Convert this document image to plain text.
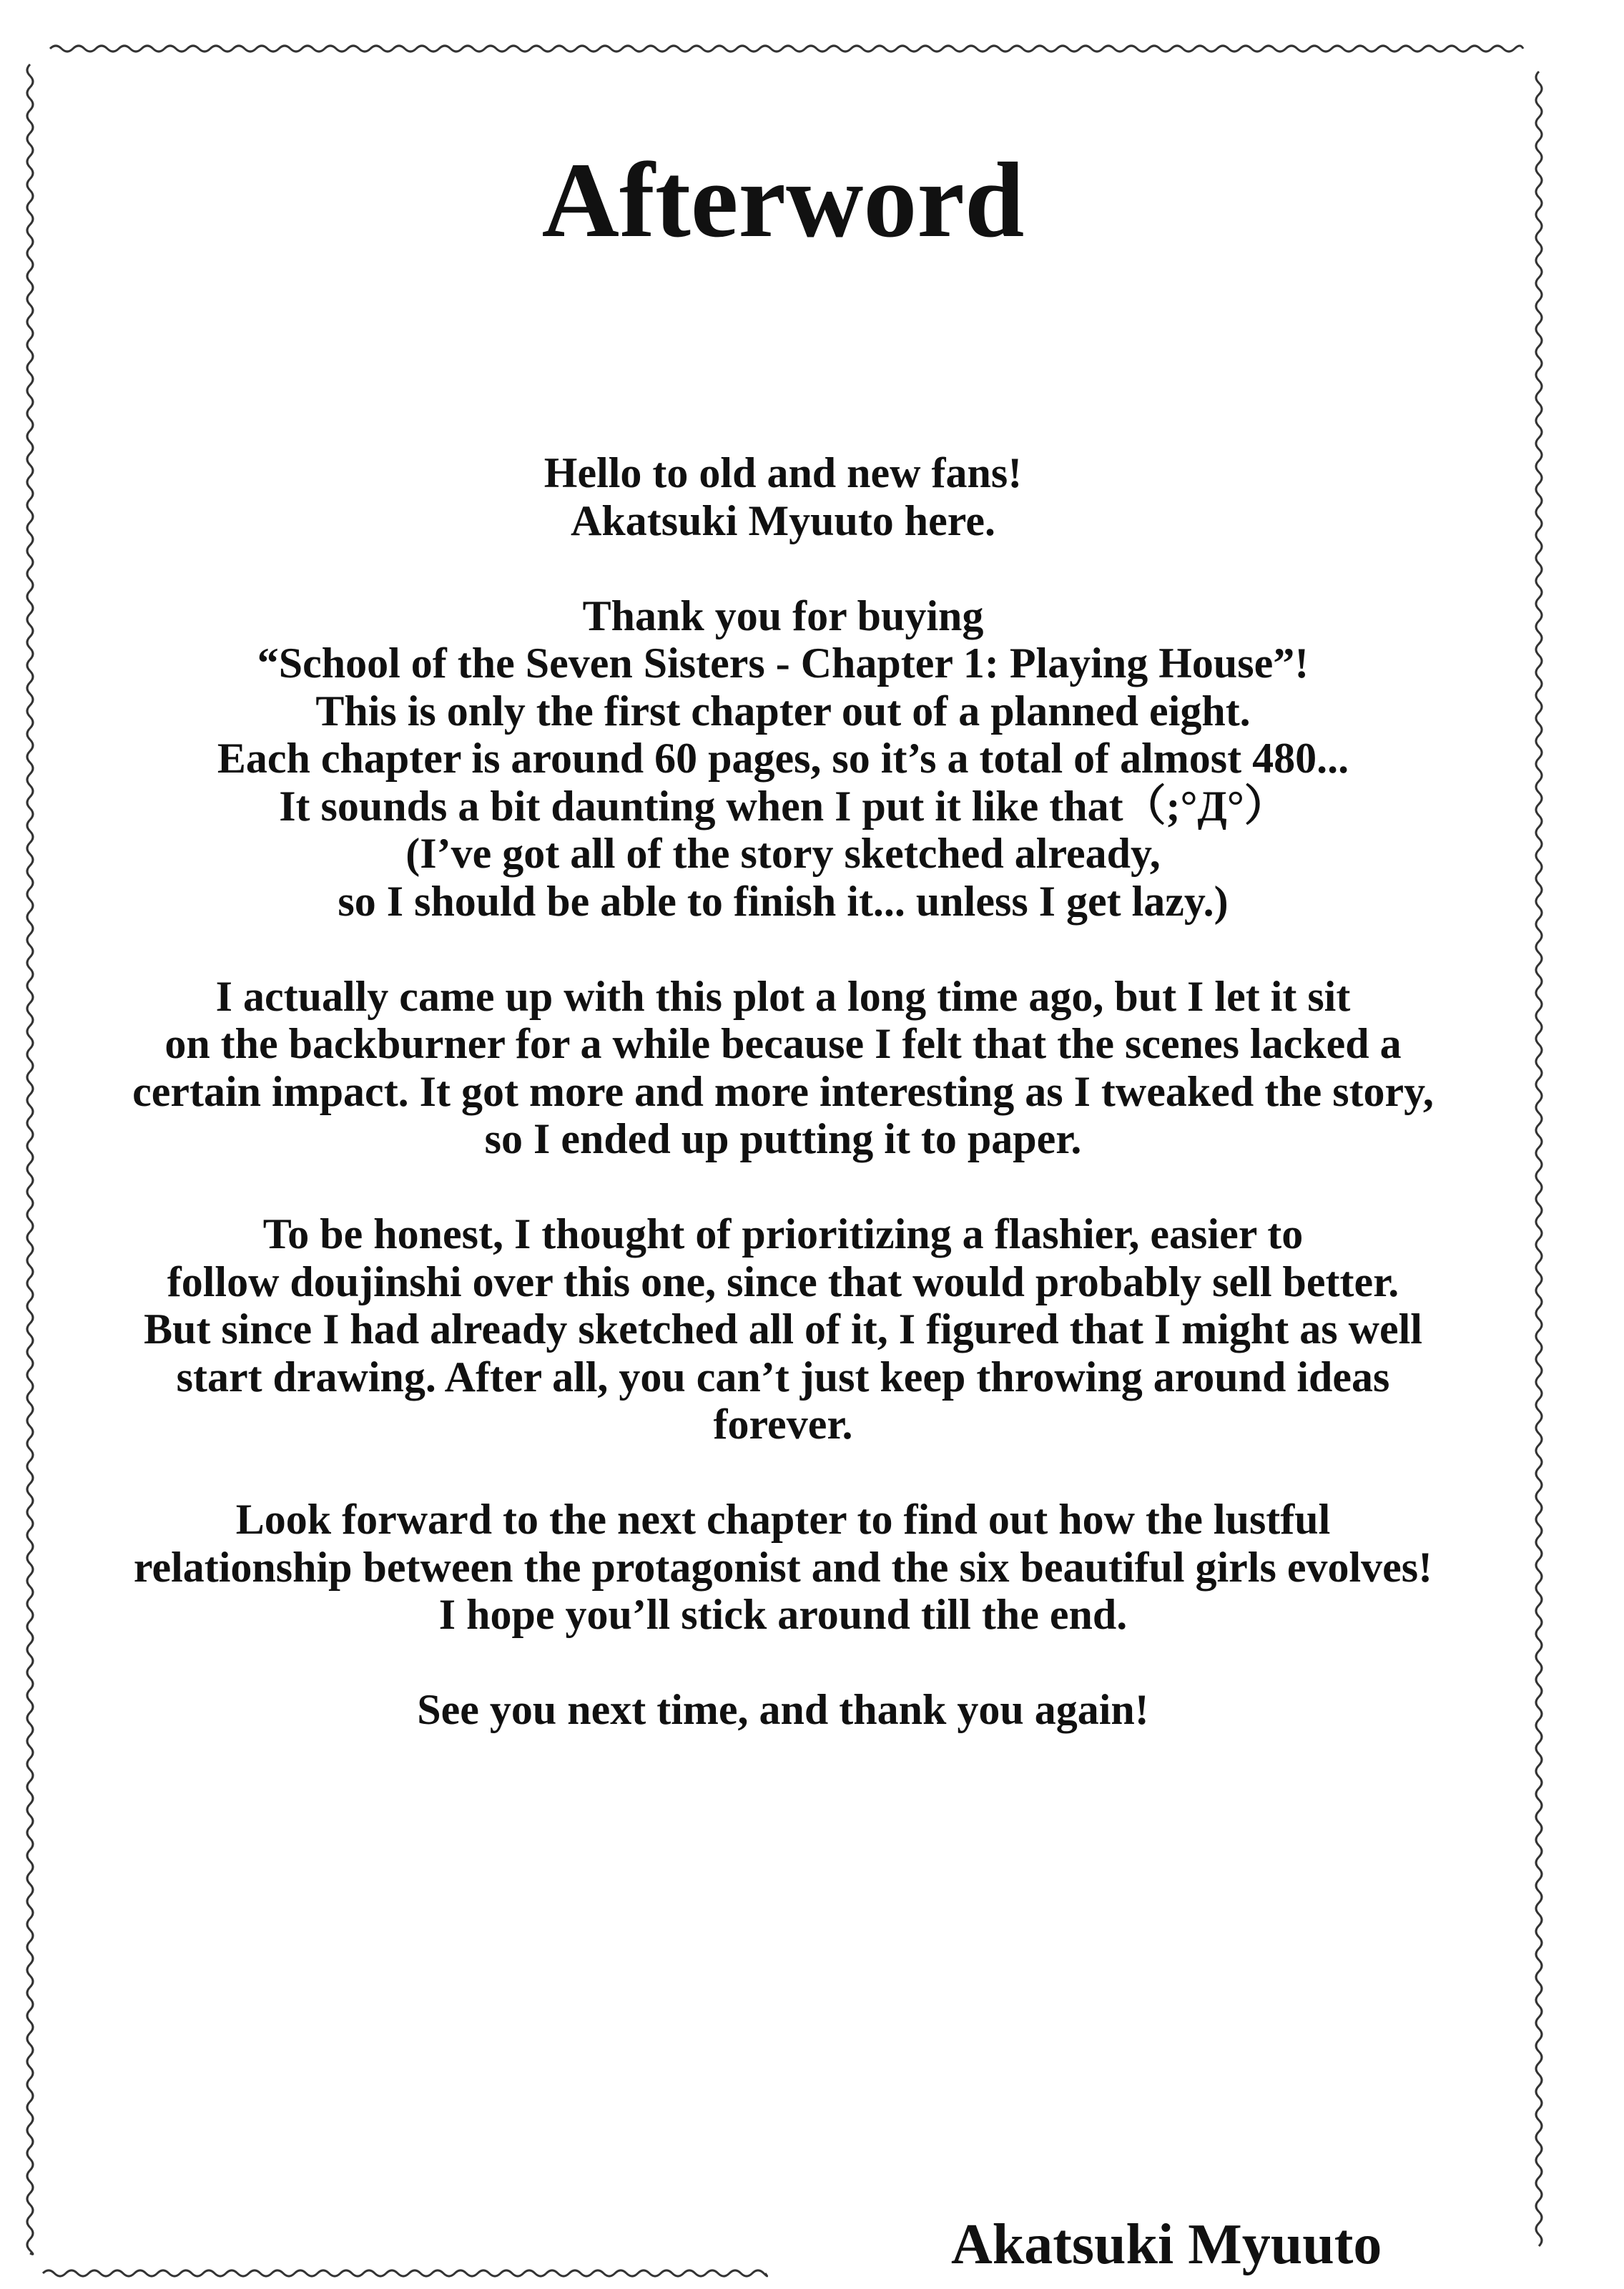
Afterword

Hello to old and new fans!
Akatsuki Myuuto here.

Thank you for buying
“School of the Seven Sisters - Chapter 1: Playing House”!
This is only the first chapter out of a planned eight.
Each chapter is around 60 pages, so it’s a total of almost 480...
It sounds a bit daunting when I put it like that（;°Д°）
(I’ve got all of the story sketched already,
so I should be able to finish it... unless I get lazy.)

I actually came up with this plot a long time ago, but I let it sit
on the backburner for a while because I felt that the scenes lacked a
certain impact. It got more and more interesting as I tweaked the story,
so I ended up putting it to paper.

To be honest, I thought of prioritizing a flashier, easier to
follow doujinshi over this one, since that would probably sell better.
But since I had already sketched all of it, I figured that I might as well
start drawing. After all, you can’t just keep throwing around ideas
forever.

Look forward to the next chapter to find out how the lustful
relationship between the protagonist and the six beautiful girls evolves!
I hope you’ll stick around till the end.

See you next time, and thank you again!

Akatsuki Myuuto
